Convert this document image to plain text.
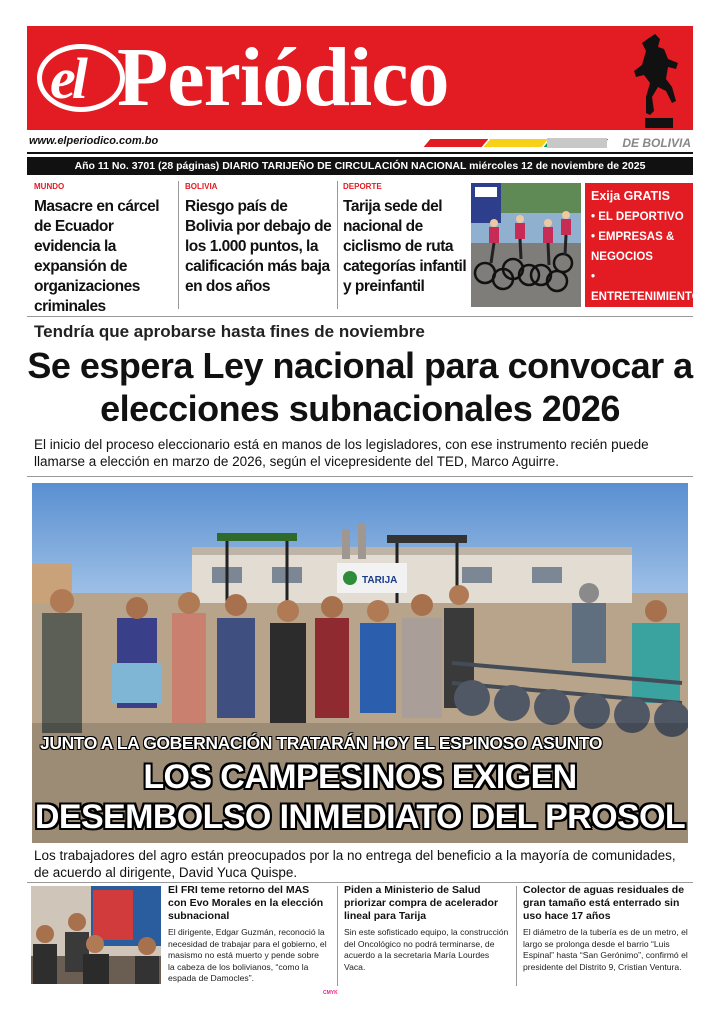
el Periódico
www.elperiodico.com.bo	DE BOLIVIA
Año 11 No. 3701 (28 páginas) DIARIO TARIJEÑO DE CIRCULACIÓN NACIONAL miércoles 12 de noviembre de 2025
MUNDO
Masacre en cárcel de Ecuador evidencia la expansión de organizaciones criminales
BOLIVIA
Riesgo país de Bolivia por debajo de los 1.000 puntos, la calificación más baja en dos años
DEPORTE
Tarija sede del nacional de ciclismo de ruta categorías infantil y preinfantil
Exija GRATIS
• EL DEPORTIVO
• EMPRESAS & NEGOCIOS
• ENTRETENIMIENTO
Tendría que aprobarse hasta fines de noviembre
Se espera Ley nacional para convocar a elecciones subnacionales 2026
El inicio del proceso eleccionario está en manos de los legisladores, con ese instrumento recién puede llamarse a elección en marzo de 2026, según el vicepresidente del TED, Marco Aguirre.
TARIJA
JUNTO A LA GOBERNACIÓN TRATARÁN HOY EL ESPINOSO ASUNTO
LOS CAMPESINOS EXIGEN DESEMBOLSO INMEDIATO DEL PROSOL
Los trabajadores del agro están preocupados por la no entrega del beneficio a la mayoría de comunidades, de acuerdo al dirigente, David Yuca Quispe.
El FRI teme retorno del MAS con Evo Morales en la elección subnacional
El dirigente, Edgar Guzmán, reconoció la necesidad de trabajar para el gobierno, el masismo no está muerto y pende sobre la cabeza de los bolivianos, “como la espada de Damocles”.
Piden a Ministerio de Salud priorizar compra de acelerador lineal para Tarija
Sin este sofisticado equipo, la construcción del Oncológico no podrá terminarse, de acuerdo a la secretaria María Lourdes Vaca.
Colector de aguas residuales de gran tamaño está enterrado sin uso hace 17 años
El diámetro de la tubería es de un metro, el largo se prolonga desde el barrio “Luis Espinal” hasta “San Gerónimo”, confirmó el presidente del Distrito 9, Cristian Ventura.
CMYK
